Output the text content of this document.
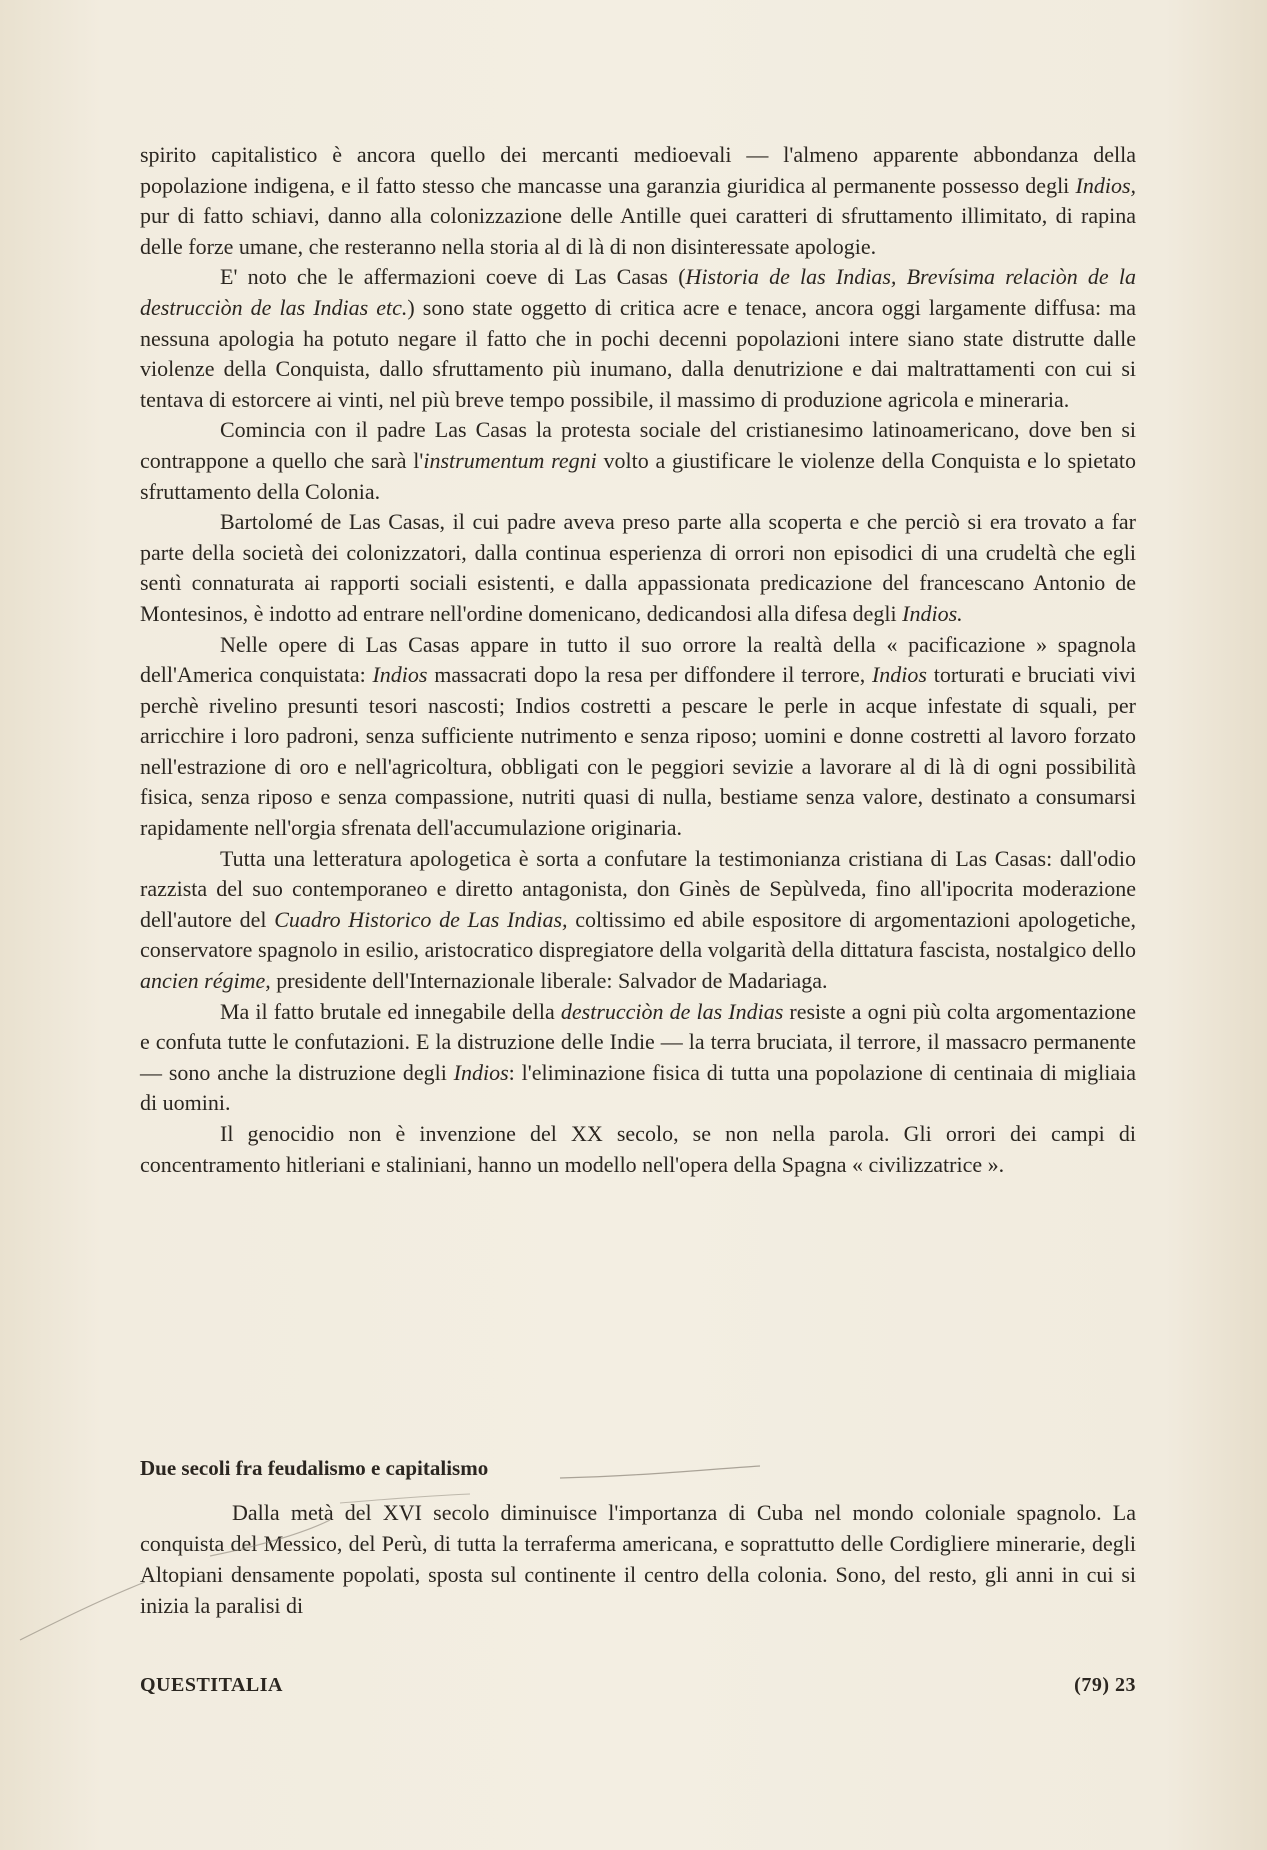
spirito capitalistico è ancora quello dei mercanti medioevali — l'almeno apparente abbondanza della popolazione indigena, e il fatto stesso che mancasse una garanzia giuridica al permanente possesso degli Indios, pur di fatto schiavi, danno alla colonizzazione delle Antille quei caratteri di sfruttamento illimitato, di rapina delle forze umane, che resteranno nella storia al di là di non disinteressate apologie.

E' noto che le affermazioni coeve di Las Casas (Historia de las Indias, Brevísima relaciòn de la destrucciòn de las Indias etc.) sono state oggetto di critica acre e tenace, ancora oggi largamente diffusa: ma nessuna apologia ha potuto negare il fatto che in pochi decenni popolazioni intere siano state distrutte dalle violenze della Conquista, dallo sfruttamento più inumano, dalla denutrizione e dai maltrattamenti con cui si tentava di estorcere ai vinti, nel più breve tempo possibile, il massimo di produzione agricola e mineraria.

Comincia con il padre Las Casas la protesta sociale del cristianesimo latinoamericano, dove ben si contrappone a quello che sarà l'instrumentum regni volto a giustificare le violenze della Conquista e lo spietato sfruttamento della Colonia.

Bartolomé de Las Casas, il cui padre aveva preso parte alla scoperta e che perciò si era trovato a far parte della società dei colonizzatori, dalla continua esperienza di orrori non episodici di una crudeltà che egli sentì connaturata ai rapporti sociali esistenti, e dalla appassionata predicazione del francescano Antonio de Montesinos, è indotto ad entrare nell'ordine domenicano, dedicandosi alla difesa degli Indios.

Nelle opere di Las Casas appare in tutto il suo orrore la realtà della « pacificazione » spagnola dell'America conquistata: Indios massacrati dopo la resa per diffondere il terrore, Indios torturati e bruciati vivi perchè rivelino presunti tesori nascosti; Indios costretti a pescare le perle in acque infestate di squali, per arricchire i loro padroni, senza sufficiente nutrimento e senza riposo; uomini e donne costretti al lavoro forzato nell'estrazione di oro e nell'agricoltura, obbligati con le peggiori sevizie a lavorare al di là di ogni possibilità fisica, senza riposo e senza compassione, nutriti quasi di nulla, bestiame senza valore, destinato a consumarsi rapidamente nell'orgia sfrenata dell'accumulazione originaria.

Tutta una letteratura apologetica è sorta a confutare la testimonianza cristiana di Las Casas: dall'odio razzista del suo contemporaneo e diretto antagonista, don Ginès de Sepùlveda, fino all'ipocrita moderazione dell'autore del Cuadro Historico de Las Indias, coltissimo ed abile espositore di argomentazioni apologetiche, conservatore spagnolo in esilio, aristocratico dispregiatore della volgarità della dittatura fascista, nostalgico dello ancien régime, presidente dell'Internazionale liberale: Salvador de Madariaga.

Ma il fatto brutale ed innegabile della destrucciòn de las Indias resiste a ogni più colta argomentazione e confuta tutte le confutazioni. E la distruzione delle Indie — la terra bruciata, il terrore, il massacro permanente — sono anche la distruzione degli Indios: l'eliminazione fisica di tutta una popolazione di centinaia di migliaia di uomini.

Il genocidio non è invenzione del XX secolo, se non nella parola. Gli orrori dei campi di concentramento hitleriani e staliniani, hanno un modello nell'opera della Spagna « civilizzatrice ».

Due secoli fra feudalismo e capitalismo

Dalla metà del XVI secolo diminuisce l'importanza di Cuba nel mondo coloniale spagnolo. La conquista del Messico, del Perù, di tutta la terraferma americana, e soprattutto delle Cordigliere minerarie, degli Altopiani densamente popolati, sposta sul continente il centro della colonia. Sono, del resto, gli anni in cui si inizia la paralisi di

QUESTITALIA	(79) 23
